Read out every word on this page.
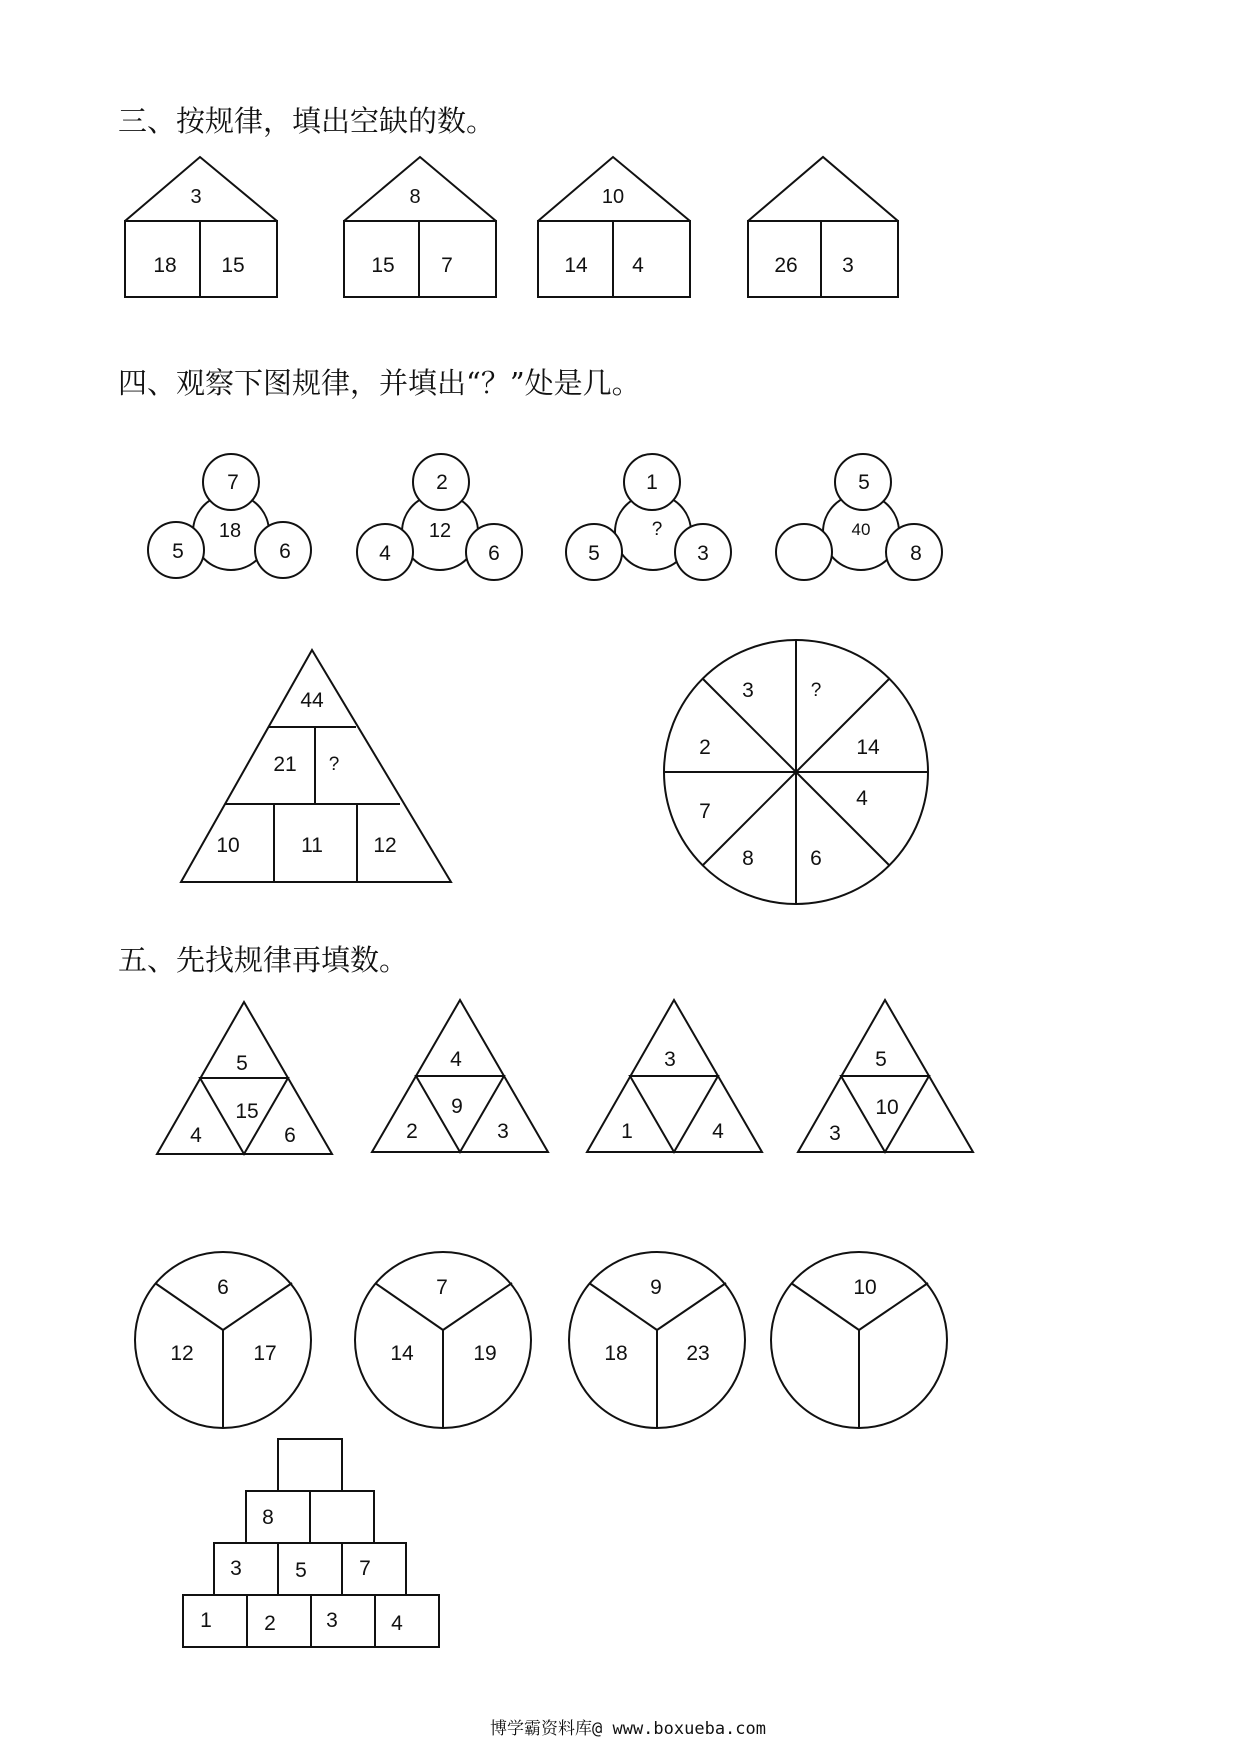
三、按规律，填出空缺的数。
3
18 15
8
15 7
10
14 4	26 3
四、观察下图规律，并填出“？”处是几。
7
18
5	6
2
12
4	6
1
?
5	3
5
40
8
44
21 ?
10	11 12
3	?
14
4
6
8
7
2
五、先找规律再填数。
5
15
4	6
4
9
2	3
3
1	4
5
10
3
6
12	17
7
14	19
9
18	23
10
8
3	5 7
1 2 3	4
博学霸资料库@ www.boxueba.com
